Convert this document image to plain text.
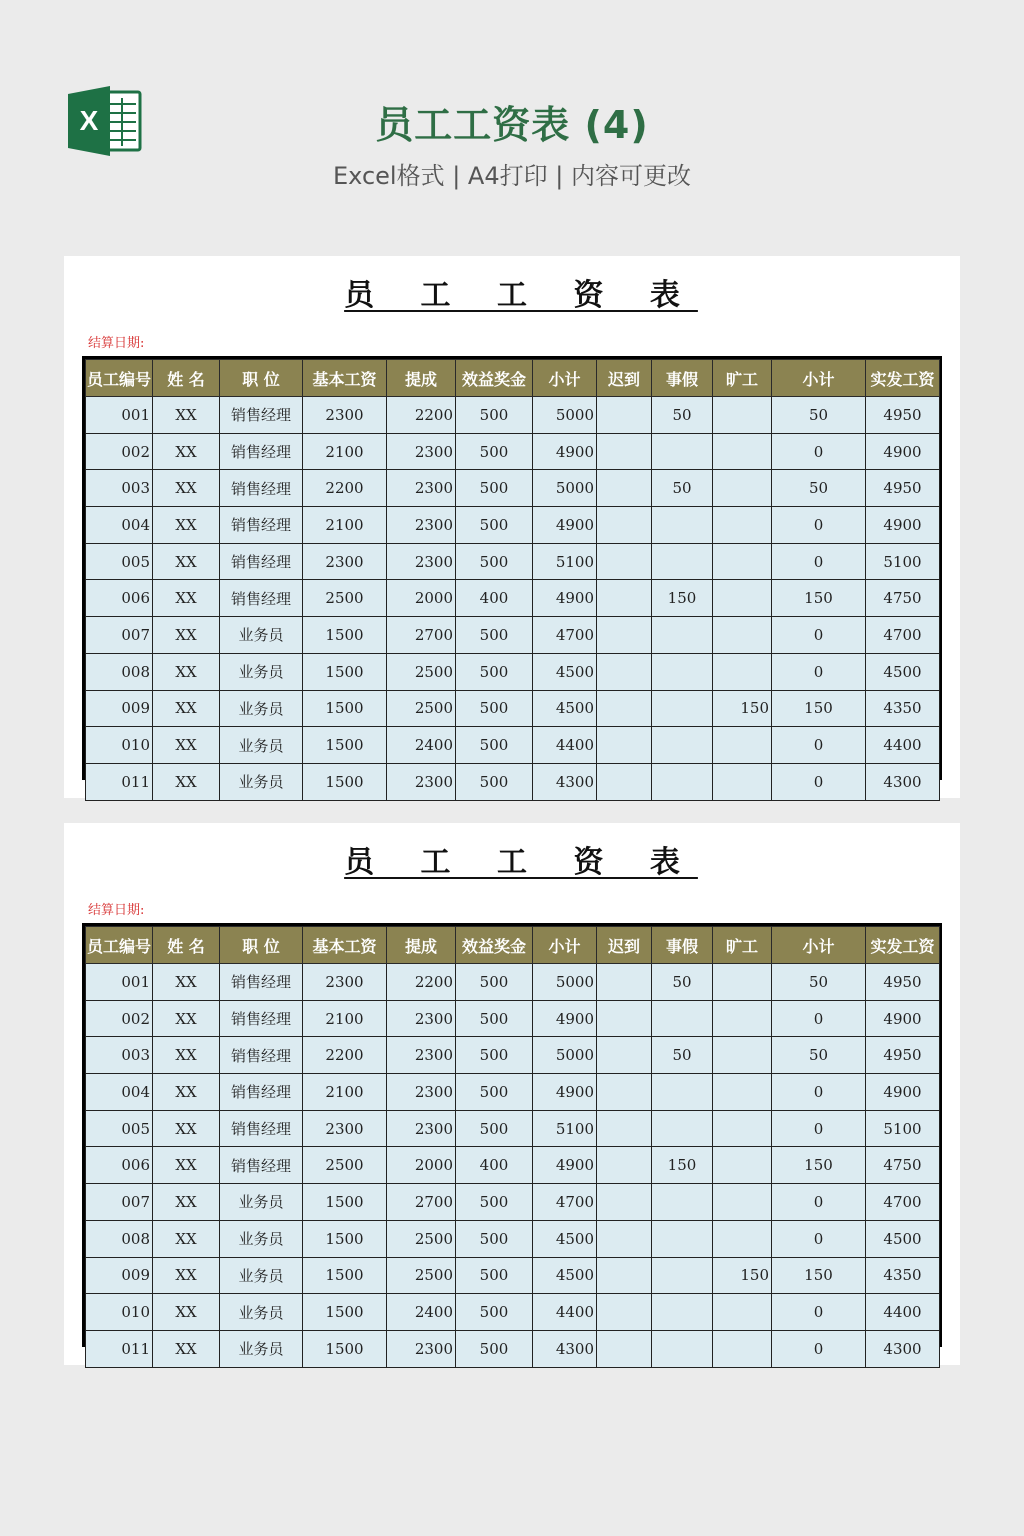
X	员工工资表 (4)
Excel格式 | A4打印 | 内容可更改
员 工 工 资 表
结算日期:
员工编号	姓 名	职 位	基本工资	提成	效益奖金	小计	迟到	事假	旷工	小计	实发工资
001	XX	销售经理	2300	2200	500	5000		50		50	4950
002	XX	销售经理	2100	2300	500	4900				0	4900
003	XX	销售经理	2200	2300	500	5000		50		50	4950
004	XX	销售经理	2100	2300	500	4900				0	4900
005	XX	销售经理	2300	2300	500	5100				0	5100
006	XX	销售经理	2500	2000	400	4900		150		150	4750
007	XX	业务员	1500	2700	500	4700				0	4700
008	XX	业务员	1500	2500	500	4500				0	4500
009	XX	业务员	1500	2500	500	4500			150	150	4350
010	XX	业务员	1500	2400	500	4400				0	4400
011	XX	业务员	1500	2300	500	4300				0	4300
员 工 工 资 表
结算日期:
员工编号	姓 名	职 位	基本工资	提成	效益奖金	小计	迟到	事假	旷工	小计	实发工资
001	XX	销售经理	2300	2200	500	5000		50		50	4950
002	XX	销售经理	2100	2300	500	4900				0	4900
003	XX	销售经理	2200	2300	500	5000		50		50	4950
004	XX	销售经理	2100	2300	500	4900				0	4900
005	XX	销售经理	2300	2300	500	5100				0	5100
006	XX	销售经理	2500	2000	400	4900		150		150	4750
007	XX	业务员	1500	2700	500	4700				0	4700
008	XX	业务员	1500	2500	500	4500				0	4500
009	XX	业务员	1500	2500	500	4500			150	150	4350
010	XX	业务员	1500	2400	500	4400				0	4400
011	XX	业务员	1500	2300	500	4300				0	4300
